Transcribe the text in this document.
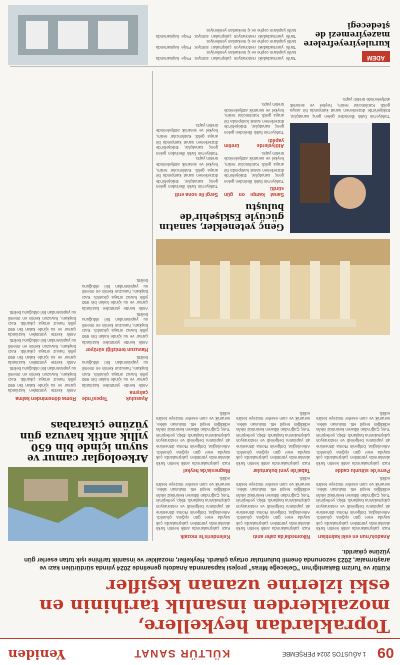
09
1 AĞUSTOS 2024 PERŞEMBE
KÜLTÜR SANAT
Yeniden
Topraklardan heykellere, mozaiklerden insanlık tarihinin en eski izlerine uzanan keşifler
Kültür ve Turizm Bakanlığı'nın "Geleceğe Miras" projesi kapsamında Anadolu genelinde 2024 yılında sürdürülen kazı ve araştırmalar, 2023 sezonunda önemli buluntular ortaya çıkardı. Heykeller, mozaikler ve insanlık tarihine ışık tutan eserler gün yüzüne çıkarıldı.
Anadolu'nun en eski kalıntıları
Kazı çalışmalarında antik kentin farklı alanlarında yürütülen çalışmalarda çok sayıda eser gün ışığına çıkarıldı. Arkeologlar, bölgenin Roma dönemine ait yapılarını belgeledi ve restorasyon çalışmalarına başlandı. Ekip, yerleşimin Tunç Çağı'ndan itibaren kesintisiz iskân edildiğini tespit etti. Bulunan sikke, seramik ve cam eserler müzeye teslim edildi.
Perre'de sütunlu cadde
Kazı çalışmalarında antik kentin farklı alanlarında yürütülen çalışmalarda çok sayıda eser gün ışığına çıkarıldı. Arkeologlar, bölgenin Roma dönemine ait yapılarını belgeledi ve restorasyon çalışmalarına başlandı. Ekip, yerleşimin Tunç Çağı'ndan itibaren kesintisiz iskân edildiğini tespit etti. Bulunan sikke, seramik ve cam eserler müzeye teslim edildi.
Nikomedia'da zafer anıtı
Kazı çalışmalarında antik kentin farklı alanlarında yürütülen çalışmalarda çok sayıda eser gün ışığına çıkarıldı. Arkeologlar, bölgenin Roma dönemine ait yapılarını belgeledi ve restorasyon çalışmalarına başlandı. Ekip, yerleşimin Tunç Çağı'ndan itibaren kesintisiz iskân edildiğini tespit etti. Bulunan sikke, seramik ve cam eserler müzeye teslim edildi.
Tabai'de yeni buluntular
Kazı çalışmalarında antik kentin farklı alanlarında yürütülen çalışmalarda çok sayıda eser gün ışığına çıkarıldı. Arkeologlar, bölgenin Roma dönemine ait yapılarını belgeledi ve restorasyon çalışmalarına başlandı. Ekip, yerleşimin Tunç Çağı'ndan itibaren kesintisiz iskân edildiğini tespit etti. Bulunan sikke, seramik ve cam eserler müzeye teslim edildi.
Kelenderis'te mozaik
Kazı çalışmalarında antik kentin farklı alanlarında yürütülen çalışmalarda çok sayıda eser gün ışığına çıkarıldı. Arkeologlar, bölgenin Roma dönemine ait yapılarını belgeledi ve restorasyon çalışmalarına başlandı. Ekip, yerleşimin Tunç Çağı'ndan itibaren kesintisiz iskân edildiğini tespit etti. Bulunan sikke, seramik ve cam eserler müzeye teslim edildi.
Magnesia'da heykel
Kazı çalışmalarında antik kentin farklı alanlarında yürütülen çalışmalarda çok sayıda eser gün ışığına çıkarıldı. Arkeologlar, bölgenin Roma dönemine ait yapılarını belgeledi ve restorasyon çalışmalarına başlandı. Ekip, yerleşimin Tunç Çağı'ndan itibaren kesintisiz iskân edildiğini tespit etti. Bulunan sikke, seramik ve cam eserler müzeye teslim edildi.
Arkeologlar camur ve suyun içinde bin 650 yıllık antik havuza gün yüzüne çıkarabas
Ayasuluk Tepesi'nde çalışma
Antik kentte yürütülen kazılarda çamur ve su içinde kalan bin 650 yıllık havuz ortaya çıkarıldı. Kazı başkanı, havuzun kentin en önemli su yapılarından biri olduğunu belirtti.
Havuzun temizliği sürüyor
Antik kentte yürütülen kazılarda çamur ve su içinde kalan bin 650 yıllık havuz ortaya çıkarıldı. Kazı başkanı, havuzun kentin en önemli su yapılarından biri olduğunu belirtti.
Antik kentte yürütülen kazılarda çamur ve su içinde kalan bin 650 yıllık havuz ortaya çıkarıldı. Kazı başkanı, havuzun kentin en önemli su yapılarından biri olduğunu belirtti.
Roma döneminden kalma
Antik kentte yürütülen kazılarda çamur ve su içinde kalan bin 650 yıllık havuz ortaya çıkarıldı. Kazı başkanı, havuzun kentin en önemli su yapılarından biri olduğunu belirtti.
Antik kentte yürütülen kazılarda çamur ve su içinde kalan bin 650 yıllık havuz ortaya çıkarıldı. Kazı başkanı, havuzun kentin en önemli su yapılarından biri olduğunu belirtti.
Antik kentte yürütülen kazılarda çamur ve su içinde kalan bin 650 yıllık havuz ortaya çıkarıldı. Kazı başkanı, havuzun kentin en önemli su yapılarından biri olduğunu belirtti.
Genç yetenekler, sanatın gücüyle Eskişehir'de buluştu
Sanat kampı on gün sürdü
Türkiye'nin farklı illerinden gelen genç sanatçılar, Eskişehir'de düzenlenen sanat kampında bir araya geldi. Katılımcılar resim, heykel ve seramik atölyelerinde üretim yaptı.
Atölyelerde üretim yapıldı
Türkiye'nin farklı illerinden gelen genç sanatçılar, Eskişehir'de düzenlenen sanat kampında bir araya geldi. Katılımcılar resim, heykel ve seramik atölyelerinde üretim yaptı.
Sergi ile sona erdi
Türkiye'nin farklı illerinden gelen genç sanatçılar, Eskişehir'de düzenlenen sanat kampında bir araya geldi. Katılımcılar resim, heykel ve seramik atölyelerinde üretim yaptı.
Türkiye'nin farklı illerinden gelen genç sanatçılar, Eskişehir'de düzenlenen sanat kampında bir araya geldi. Katılımcılar resim, heykel ve seramik atölyelerinde üretim yaptı.
Türkiye'nin farklı illerinden gelen genç sanatçılar, Eskişehir'de düzenlenen sanat kampında bir araya geldi. Katılımcılar resim, heykel ve seramik atölyelerinde üretim yaptı.
ADEM
kuruleyireyefrelere mazeyiremezi de ştedecegi
Tarihi yarımadadaki restorasyon çalışmaları sürüyor. Proje kapsamında tarihi yapıların cephe ve iç mekanları yenileniyor.
Tarihi yarımadadaki restorasyon çalışmaları sürüyor. Proje kapsamında tarihi yapıların cephe ve iç mekanları yenileniyor.
Tarihi yarımadadaki restorasyon çalışmaları sürüyor. Proje kapsamında tarihi yapıların cephe ve iç mekanları yenileniyor.
